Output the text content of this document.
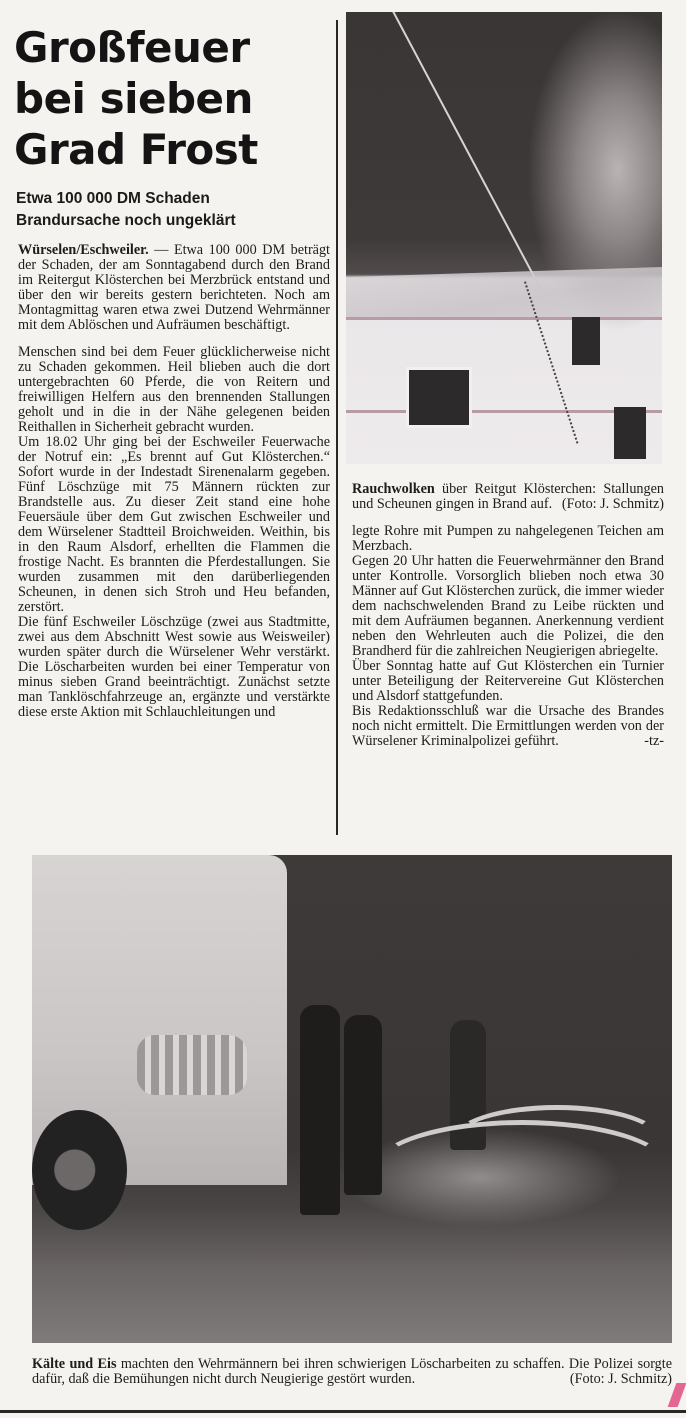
Großfeuer
bei sieben
Grad Frost
Etwa 100 000 DM Schaden
Brandursache noch ungeklärt

Würselen/Eschweiler. — Etwa 100 000 DM beträgt der Schaden, der am Sonntagabend durch den Brand im Reitergut Klösterchen bei Merzbrück entstand und über den wir bereits gestern berichteten. Noch am Montagmittag waren etwa zwei Dutzend Wehrmänner mit dem Ablöschen und Aufräumen beschäftigt.

Menschen sind bei dem Feuer glücklicherweise nicht zu Schaden gekommen. Heil blieben auch die dort untergebrachten 60 Pferde, die von Reitern und freiwilligen Helfern aus den brennenden Stallungen geholt und in die in der Nähe gelegenen beiden Reithallen in Sicherheit gebracht wurden.

Um 18.02 Uhr ging bei der Eschweiler Feuerwache der Notruf ein: „Es brennt auf Gut Klösterchen.“ Sofort wurde in der Indestadt Sirenenalarm gegeben. Fünf Löschzüge mit 75 Männern rückten zur Brandstelle aus. Zu dieser Zeit stand eine hohe Feuersäule über dem Gut zwischen Eschweiler und dem Würselener Stadtteil Broichweiden. Weithin, bis in den Raum Alsdorf, erhellten die Flammen die frostige Nacht. Es brannten die Pferdestallungen. Sie wurden zusammen mit den darüberliegenden Scheunen, in denen sich Stroh und Heu befanden, zerstört.

Die fünf Eschweiler Löschzüge (zwei aus Stadtmitte, zwei aus dem Abschnitt West sowie aus Weisweiler) wurden später durch die Würselener Wehr verstärkt. Die Löscharbeiten wurden bei einer Temperatur von minus sieben Grand beeinträchtigt. Zunächst setzte man Tanklöschfahrzeuge an, ergänzte und verstärkte diese erste Aktion mit Schlauchleitungen und

Rauchwolken über Reitgut Klösterchen: Stallungen und Scheunen gingen in Brand auf. (Foto: J. Schmitz)

legte Rohre mit Pumpen zu nahgelegenen Teichen am Merzbach.

Gegen 20 Uhr hatten die Feuerwehrmänner den Brand unter Kontrolle. Vorsorglich blieben noch etwa 30 Männer auf Gut Klösterchen zurück, die immer wieder dem nachschwelenden Brand zu Leibe rückten und mit dem Aufräumen begannen. Anerkennung verdient neben den Wehrleuten auch die Polizei, die den Brandherd für die zahlreichen Neugierigen abriegelte.

Über Sonntag hatte auf Gut Klösterchen ein Turnier unter Beteiligung der Reitervereine Gut Klösterchen und Alsdorf stattgefunden.

Bis Redaktionsschluß war die Ursache des Brandes noch nicht ermittelt. Die Ermittlungen werden von der Würselener Kriminalpolizei geführt.	-tz-
Kälte und Eis machten den Wehrmännern bei ihren schwierigen Löscharbeiten zu schaffen. Die Polizei sorgte dafür, daß die Bemühungen nicht durch Neugierige gestört wurden.	(Foto: J. Schmitz)
